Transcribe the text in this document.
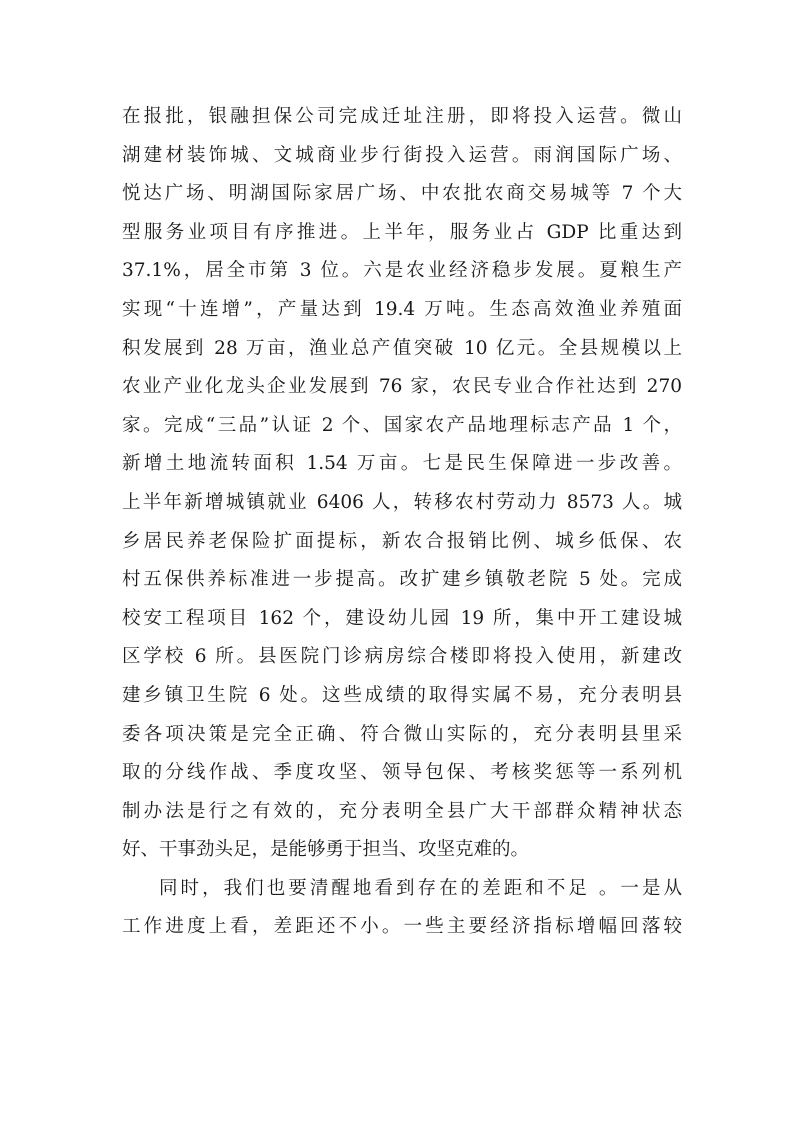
在报批，银融担保公司完成迁址注册，即将投入运营。微山
湖建材装饰城、文城商业步行街投入运营。雨润国际广场、
悦达广场、明湖国际家居广场、中农批农商交易城等 7 个大
型服务业项目有序推进。上半年，服务业占 GDP 比重达到
37.1%，居全市第 3 位。六是农业经济稳步发展。夏粮生产
实现“十连增”，产量达到 19.4 万吨。生态高效渔业养殖面
积发展到 28 万亩，渔业总产值突破 10 亿元。全县规模以上
农业产业化龙头企业发展到 76 家，农民专业合作社达到 270
家。完成“三品”认证 2 个、国家农产品地理标志产品 1 个，
新增土地流转面积 1.54 万亩。七是民生保障进一步改善。
上半年新增城镇就业 6406 人，转移农村劳动力 8573 人。城
乡居民养老保险扩面提标，新农合报销比例、城乡低保、农
村五保供养标准进一步提高。改扩建乡镇敬老院 5 处。完成
校安工程项目 162 个，建设幼儿园 19 所，集中开工建设城
区学校 6 所。县医院门诊病房综合楼即将投入使用，新建改
建乡镇卫生院 6 处。这些成绩的取得实属不易，充分表明县
委各项决策是完全正确、符合微山实际的，充分表明县里采
取的分线作战、季度攻坚、领导包保、考核奖惩等一系列机
制办法是行之有效的，充分表明全县广大干部群众精神状态
好、干事劲头足，是能够勇于担当、攻坚克难的。
同时，我们也要清醒地看到存在的差距和不足 。一是从
工作进度上看，差距还不小。一些主要经济指标增幅回落较
